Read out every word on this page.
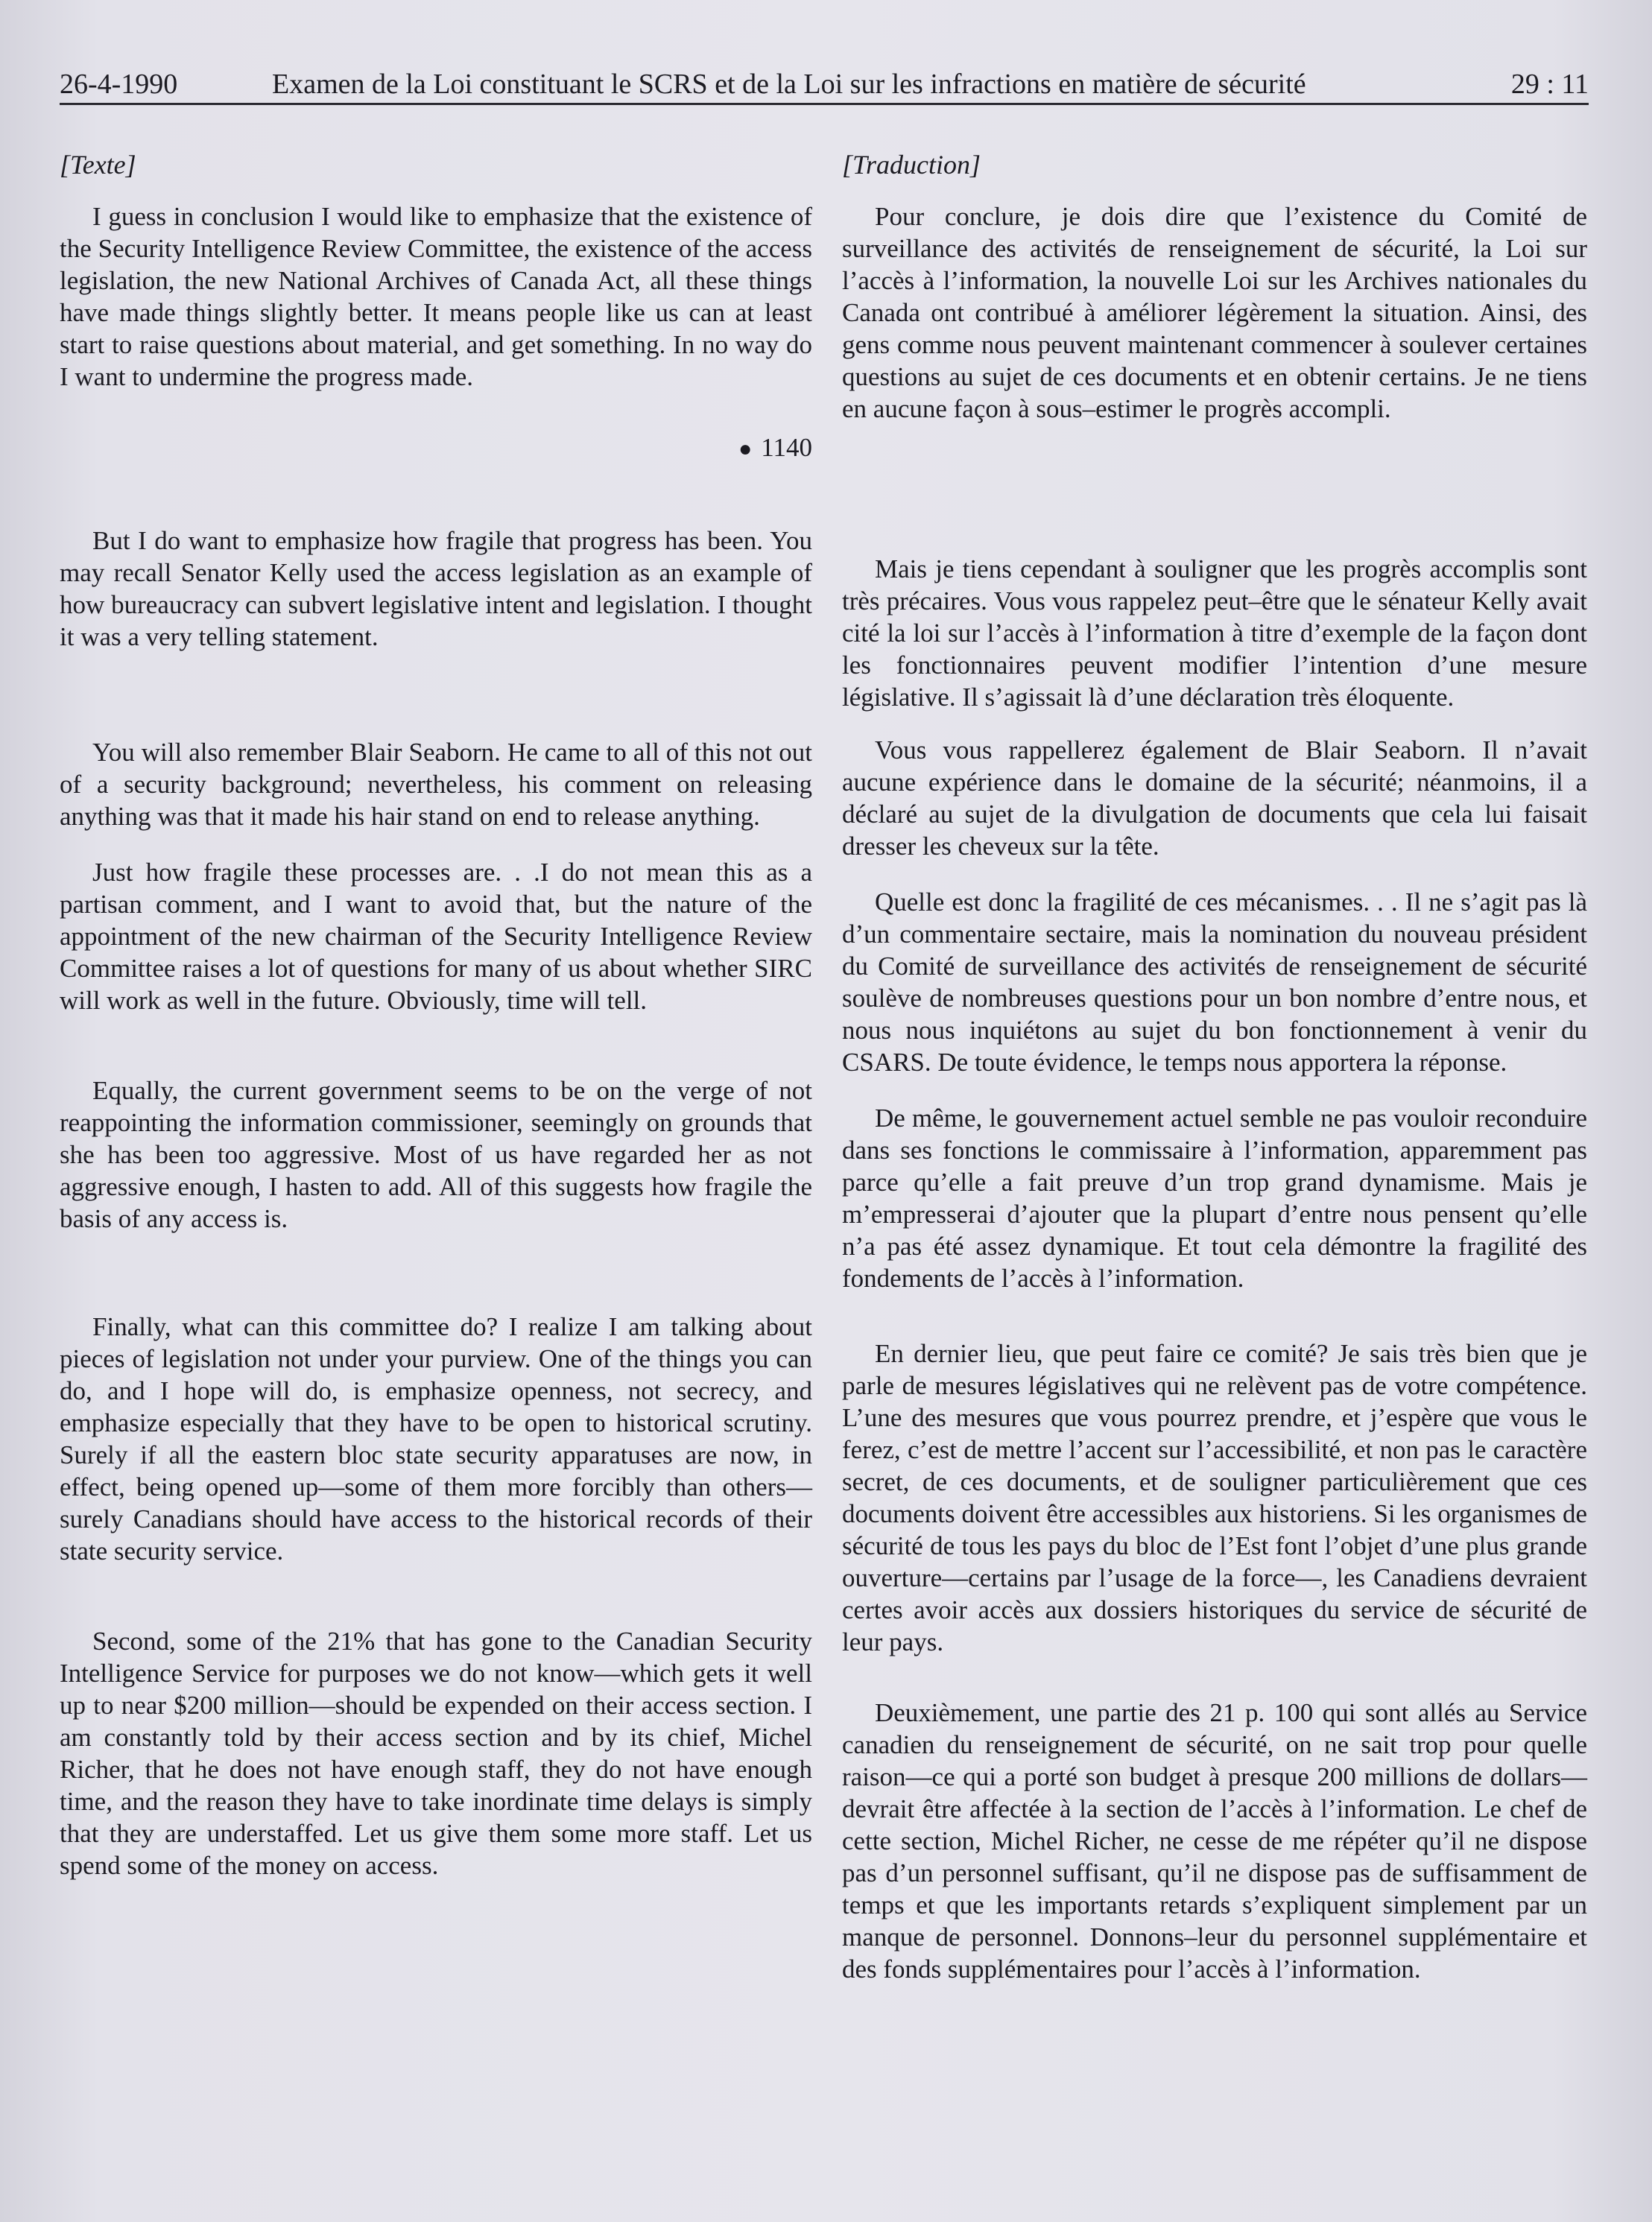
26-4-1990	Examen de la Loi constituant le SCRS et de la Loi sur les infractions en matière de sécurité	29 : 11

[Texte]

I guess in conclusion I would like to emphasize that the existence of the Security Intelligence Review Committee, the existence of the access legislation, the new National Archives of Canada Act, all these things have made things slightly better. It means people like us can at least start to raise questions about material, and get something. In no way do I want to undermine the progress made.

● 1140

But I do want to emphasize how fragile that progress has been. You may recall Senator Kelly used the access legislation as an example of how bureaucracy can subvert legislative intent and legislation. I thought it was a very telling statement.

You will also remember Blair Seaborn. He came to all of this not out of a security background; nevertheless, his comment on releasing anything was that it made his hair stand on end to release anything.

Just how fragile these processes are. . .I do not mean this as a partisan comment, and I want to avoid that, but the nature of the appointment of the new chairman of the Security Intelligence Review Committee raises a lot of questions for many of us about whether SIRC will work as well in the future. Obviously, time will tell.

Equally, the current government seems to be on the verge of not reappointing the information commissioner, seemingly on grounds that she has been too aggressive. Most of us have regarded her as not aggressive enough, I hasten to add. All of this suggests how fragile the basis of any access is.

Finally, what can this committee do? I realize I am talking about pieces of legislation not under your purview. One of the things you can do, and I hope will do, is emphasize openness, not secrecy, and emphasize especially that they have to be open to historical scrutiny. Surely if all the eastern bloc state security apparatuses are now, in effect, being opened up—some of them more forcibly than others—surely Canadians should have access to the historical records of their state security service.

Second, some of the 21% that has gone to the Canadian Security Intelligence Service for purposes we do not know—which gets it well up to near $200 million—should be expended on their access section. I am constantly told by their access section and by its chief, Michel Richer, that he does not have enough staff, they do not have enough time, and the reason they have to take inordinate time delays is simply that they are understaffed. Let us give them some more staff. Let us spend some of the money on access.

[Traduction]

Pour conclure, je dois dire que l’existence du Comité de surveillance des activités de renseignement de sécurité, la Loi sur l’accès à l’information, la nouvelle Loi sur les Archives nationales du Canada ont contribué à améliorer légèrement la situation. Ainsi, des gens comme nous peuvent maintenant commencer à soulever certaines questions au sujet de ces documents et en obtenir certains. Je ne tiens en aucune façon à sous–estimer le progrès accompli.

Mais je tiens cependant à souligner que les progrès accomplis sont très précaires. Vous vous rappelez peut–être que le sénateur Kelly avait cité la loi sur l’accès à l’information à titre d’exemple de la façon dont les fonctionnaires peuvent modifier l’intention d’une mesure législative. Il s’agissait là d’une déclaration très éloquente.

Vous vous rappellerez également de Blair Seaborn. Il n’avait aucune expérience dans le domaine de la sécurité; néanmoins, il a déclaré au sujet de la divulgation de documents que cela lui faisait dresser les cheveux sur la tête.

Quelle est donc la fragilité de ces mécanismes. . . Il ne s’agit pas là d’un commentaire sectaire, mais la nomination du nouveau président du Comité de surveillance des activités de renseignement de sécurité soulève de nombreuses questions pour un bon nombre d’entre nous, et nous nous inquiétons au sujet du bon fonctionnement à venir du CSARS. De toute évidence, le temps nous apportera la réponse.

De même, le gouvernement actuel semble ne pas vouloir reconduire dans ses fonctions le commissaire à l’information, apparemment pas parce qu’elle a fait preuve d’un trop grand dynamisme. Mais je m’empresserai d’ajouter que la plupart d’entre nous pensent qu’elle n’a pas été assez dynamique. Et tout cela démontre la fragilité des fondements de l’accès à l’information.

En dernier lieu, que peut faire ce comité? Je sais très bien que je parle de mesures législatives qui ne relèvent pas de votre compétence. L’une des mesures que vous pourrez prendre, et j’espère que vous le ferez, c’est de mettre l’accent sur l’accessibilité, et non pas le caractère secret, de ces documents, et de souligner particulièrement que ces documents doivent être accessibles aux historiens. Si les organismes de sécurité de tous les pays du bloc de l’Est font l’objet d’une plus grande ouverture—certains par l’usage de la force—, les Canadiens devraient certes avoir accès aux dossiers historiques du service de sécurité de leur pays.

Deuxièmement, une partie des 21 p. 100 qui sont allés au Service canadien du renseignement de sécurité, on ne sait trop pour quelle raison—ce qui a porté son budget à presque 200 millions de dollars—devrait être affectée à la section de l’accès à l’information. Le chef de cette section, Michel Richer, ne cesse de me répéter qu’il ne dispose pas d’un personnel suffisant, qu’il ne dispose pas de suffisamment de temps et que les importants retards s’expliquent simplement par un manque de personnel. Donnons–leur du personnel supplémentaire et des fonds supplémentaires pour l’accès à l’information.
